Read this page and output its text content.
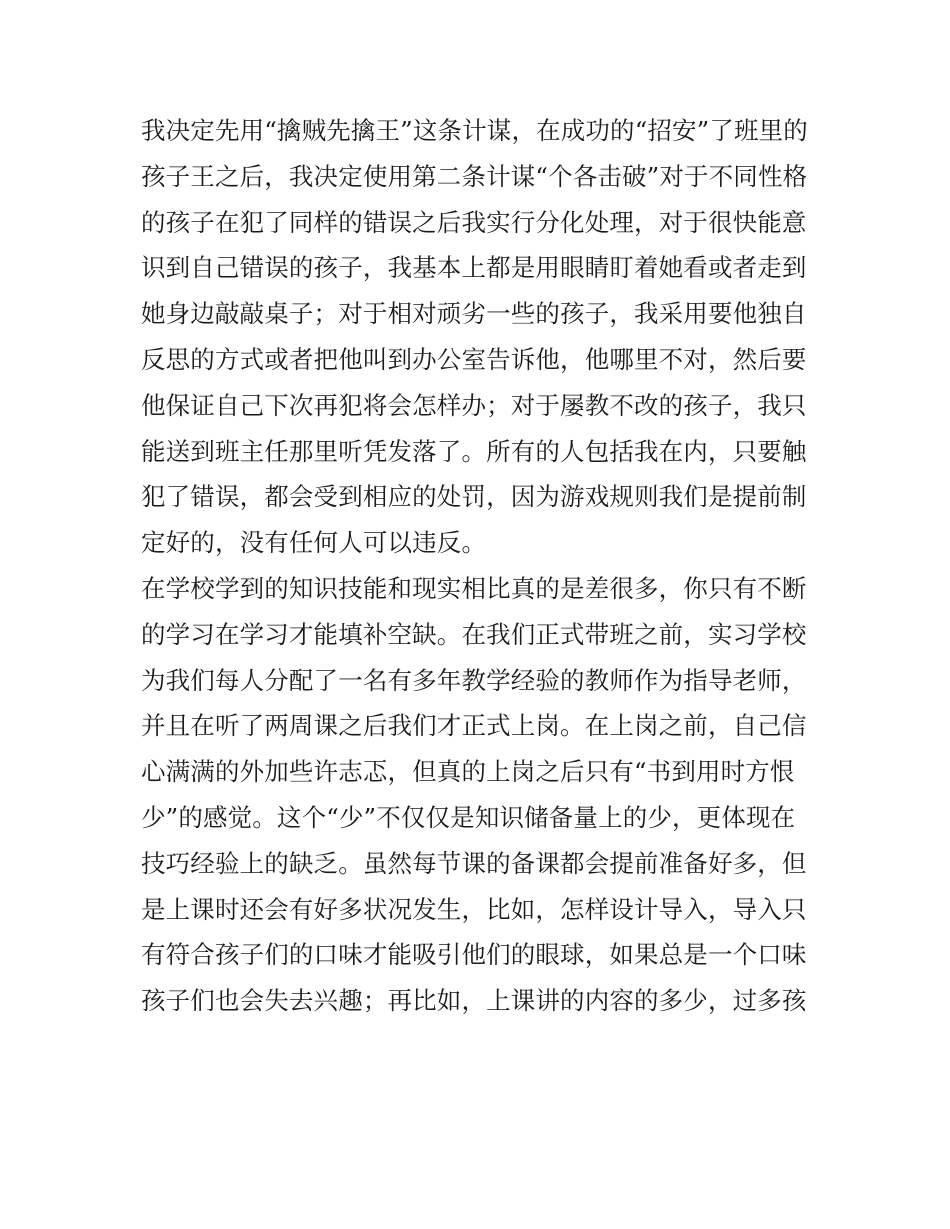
我决定先用“擒贼先擒王”这条计谋，在成功的“招安”了班里的
孩子王之后，我决定使用第二条计谋“个各击破”对于不同性格
的孩子在犯了同样的错误之后我实行分化处理，对于很快能意
识到自己错误的孩子，我基本上都是用眼睛盯着她看或者走到
她身边敲敲桌子；对于相对顽劣一些的孩子，我采用要他独自
反思的方式或者把他叫到办公室告诉他，他哪里不对，然后要
他保证自己下次再犯将会怎样办；对于屡教不改的孩子，我只
能送到班主任那里听凭发落了。所有的人包括我在内，只要触
犯了错误，都会受到相应的处罚，因为游戏规则我们是提前制
定好的，没有任何人可以违反。
在学校学到的知识技能和现实相比真的是差很多，你只有不断
的学习在学习才能填补空缺。在我们正式带班之前，实习学校
为我们每人分配了一名有多年教学经验的教师作为指导老师，
并且在听了两周课之后我们才正式上岗。在上岗之前，自己信
心满满的外加些许志忑，但真的上岗之后只有“书到用时方恨
少”的感觉。这个“少”不仅仅是知识储备量上的少，更体现在
技巧经验上的缺乏。虽然每节课的备课都会提前准备好多，但
是上课时还会有好多状况发生，比如，怎样设计导入，导入只
有符合孩子们的口味才能吸引他们的眼球，如果总是一个口味
孩子们也会失去兴趣；再比如，上课讲的内容的多少，过多孩
